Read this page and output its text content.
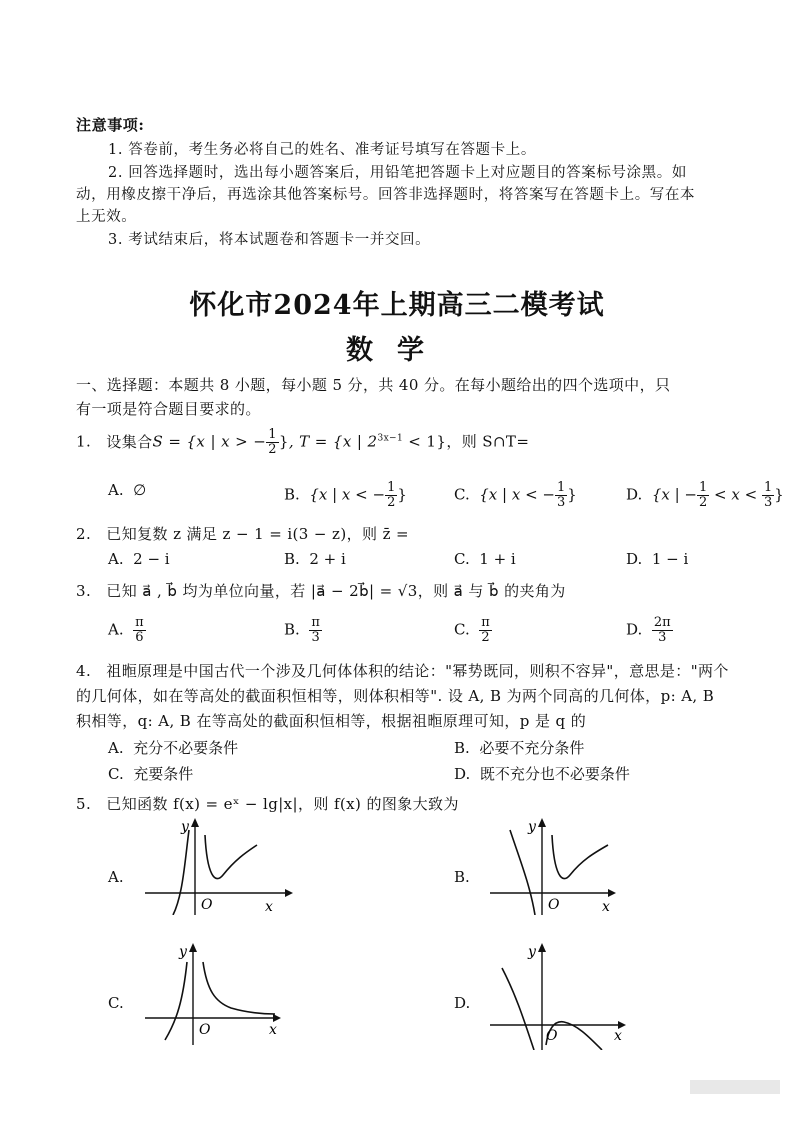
注意事项:
1. 答卷前，考生务必将自己的姓名、准考证号填写在答题卡上。
2. 回答选择题时，选出每小题答案后，用铅笔把答题卡上对应题目的答案标号涂黑。如
动，用橡皮擦干净后，再选涂其他答案标号。回答非选择题时，将答案写在答题卡上。写在本
上无效。
3. 考试结束后，将本试题卷和答题卡一并交回。
怀化市2024年上期高三二模考试
数学
一、选择题：本题共 8 小题，每小题 5 分，共 40 分。在每小题给出的四个选项中，只
有一项是符合题目要求的。
1. 设集合S = {x | x > − $\frac{1}{2}$ }, T = {x | $2^{3x-1} < 1$}，则 S∩T=
A. ∅	B. {x | x < − $\frac{1}{2}$ }	C. {x | x < − $\frac{1}{3}$ }	D. {x | − $\frac{1}{2} < x < \frac{1}{3}$ }
2. 已知复数 z 满足 z − 1 = i(3 − z)，则 z̄ =
A. 2 − i	B. 2 + i	C. 1 + i	D. 1 − i
3. 已知 a⃗ , b⃗ 均为单位向量，若 |a⃗ − 2b⃗| = √3，则 a⃗ 与 b⃗ 的夹角为
A. $\frac{\pi}{6}$	B. $\frac{\pi}{3}$	C. $\frac{\pi}{2}$	D. $\frac{2\pi}{3}$
4. 祖暅原理是中国古代一个涉及几何体体积的结论："幂势既同，则积不容异"，意思是："两个
的几何体，如在等高处的截面积恒相等，则体积相等". 设 A, B 为两个同高的几何体，p: A, B
积相等，q: A, B 在等高处的截面积恒相等，根据祖暅原理可知，p 是 q 的
A. 充分不必要条件	B. 必要不充分条件
C. 充要条件	D. 既不充分也不必要条件
5. 已知函数 f(x) = eˣ − lg|x|，则 f(x) 的图象大致为
A.
y
O	x
B.
y
O	x
C.
y
O	x
D.
y
O	x
